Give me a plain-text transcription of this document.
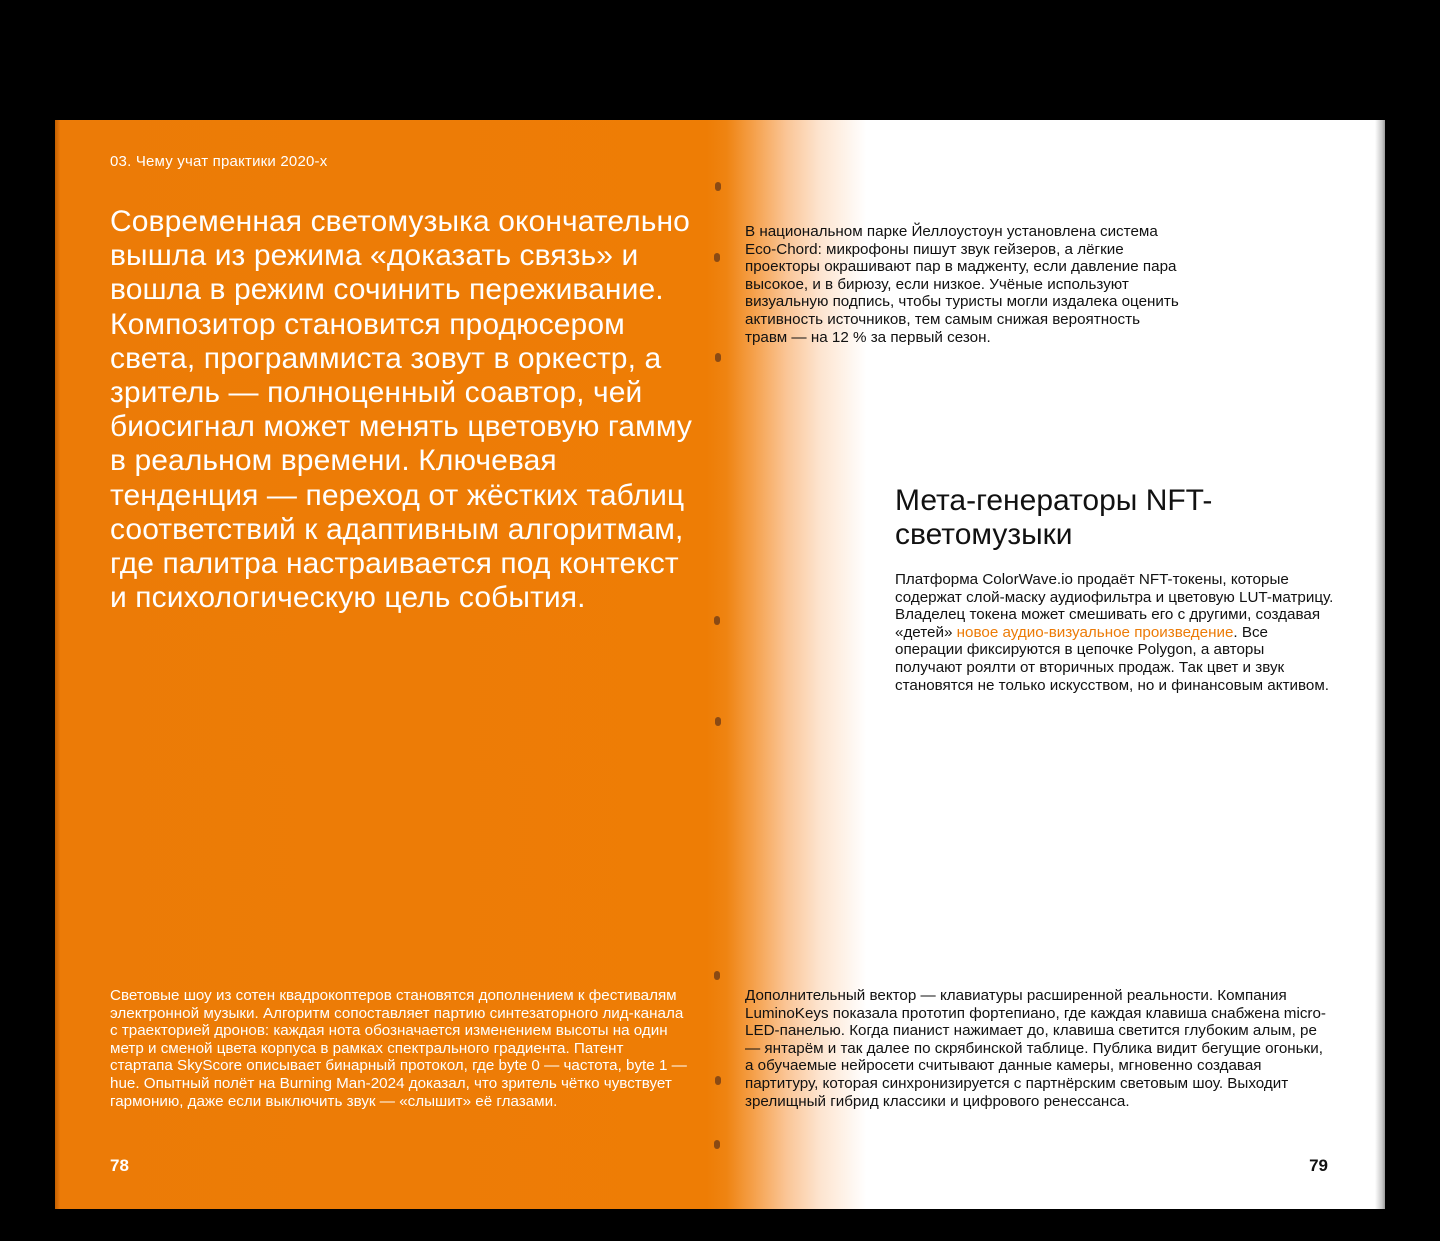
03. Чему учат практики 2020-х
Современная светомузыка окончательно вышла из режима «доказать связь» и вошла в режим сочинить переживание. Композитор становится продюсером света, программиста зовут в оркестр, а зритель — полноценный соавтор, чей биосигнал может менять цветовую гамму в реальном времени. Ключевая тенденция — переход от жёстких таблиц соответствий к адаптивным алгоритмам, где палитра настраивается под контекст и психологическую цель события.
Световые шоу из сотен квадрокоптеров становятся дополнением к фестивалям электронной музыки. Алгоритм сопоставляет партию синтезаторного лид-канала с траекторией дронов: каждая нота обозначается изменением высоты на один метр и сменой цвета корпуса в рамках спектрального градиента. Патент стартапа SkyScore описывает бинарный протокол, где byte 0 — частота, byte 1 — hue. Опытный полёт на Burning Man-2024 доказал, что зритель чётко чувствует гармонию, даже если выключить звук — «слышит» её глазами.
78
В национальном парке Йеллоустоун установлена система Eco-Chord: микрофоны пишут звук гейзеров, а лёгкие проекторы окрашивают пар в мадженту, если давление пара высокое, и в бирюзу, если низкое. Учёные используют визуальную подпись, чтобы туристы могли издалека оценить активность источников, тем самым снижая вероятность травм — на 12 % за первый сезон.
Мета-генераторы NFT-светомузыки
Платформа ColorWave.io продаёт NFT-токены, которые содержат слой-маску аудиофильтра и цветовую LUT-матрицу. Владелец токена может смешивать его с другими, создавая «детей» новое аудио-визуальное произведение. Все операции фиксируются в цепочке Polygon, а авторы получают роялти от вторичных продаж. Так цвет и звук становятся не только искусством, но и финансовым активом.
Дополнительный вектор — клавиатуры расширенной реальности. Компания LuminoKeys показала прототип фортепиано, где каждая клавиша снабжена micro-LED-панелью. Когда пианист нажимает до, клавиша светится глубоким алым, ре — янтарём и так далее по скрябинской таблице. Публика видит бегущие огоньки, а обучаемые нейросети считывают данные камеры, мгновенно создавая партитуру, которая синхронизируется с партнёрским световым шоу. Выходит зрелищный гибрид классики и цифрового ренессанса.
79
